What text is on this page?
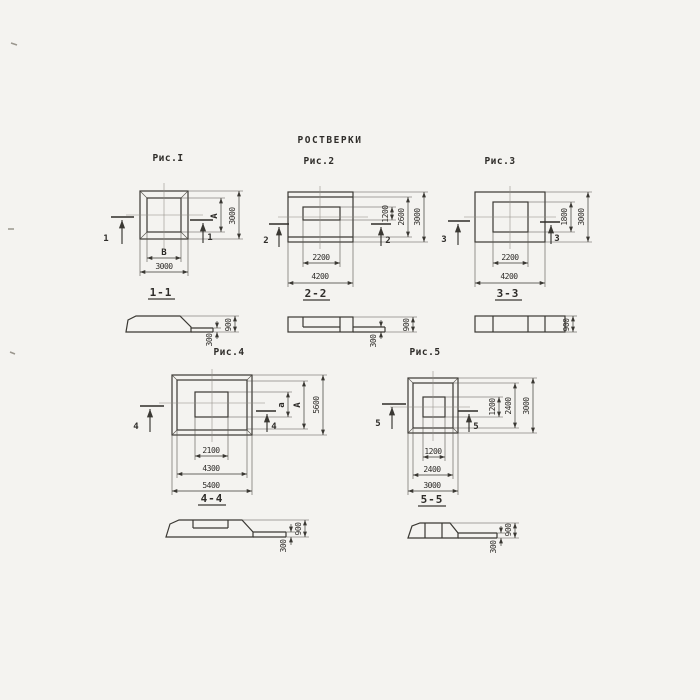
РОСТВЕРКИ
Рис.I
В
3000
А 3000
1	1
1-1
300
900
Рис.2
2200
4200
1200 2600 3000
2	2
2-2
300
900
Рис.3
2200
4200
1800 3000
3	3
3-3
900
Рис.4
2100
4300
5400
а А 5600
4	4
4-4
300
900
Рис.5
1200
2400
3000
1200 2400 3000
5	5
5-5
300
900
